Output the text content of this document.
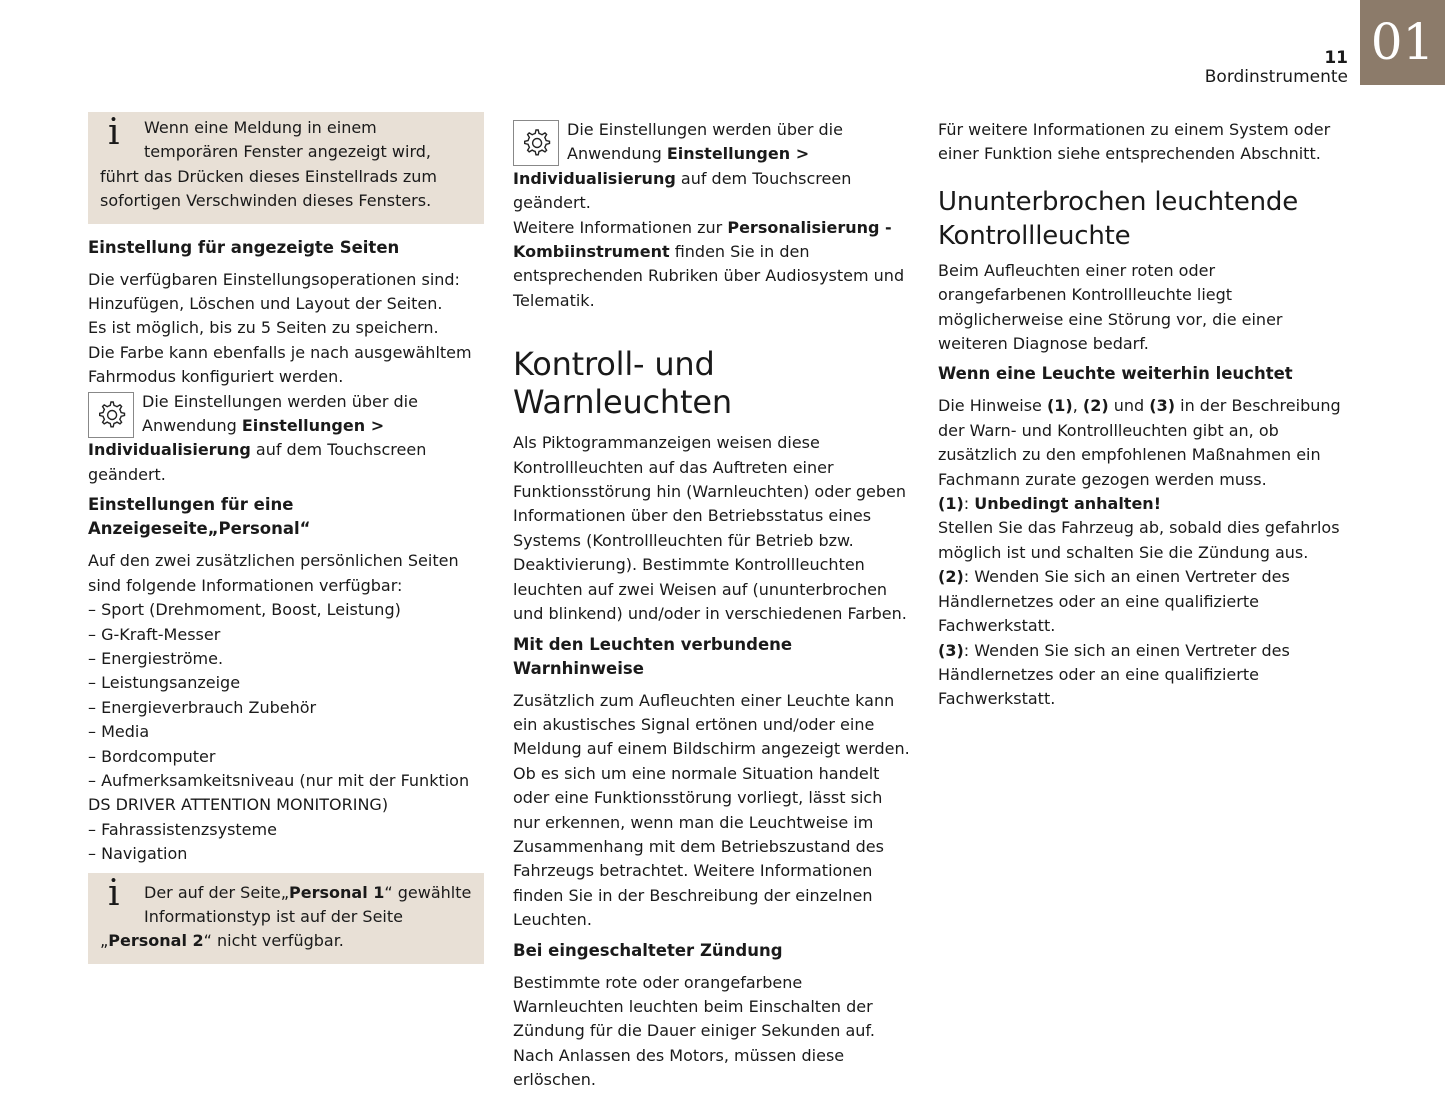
11
Bordinstrumente
01
i	Wenn eine Meldung in einem temporären Fenster angezeigt wird, führt das Drücken dieses Einstellrads zum sofortigen Verschwinden dieses Fensters.

Einstellung für angezeigte Seiten

Die verfügbaren Einstellungsoperationen sind:

Hinzufügen, Löschen und Layout der Seiten.

Es ist möglich, bis zu 5 Seiten zu speichern.

Die Farbe kann ebenfalls je nach ausgewähltem Fahrmodus konfiguriert werden.

Die Einstellungen werden über die Anwendung Einstellungen > Individualisierung auf dem Touchscreen geändert.
Einstellungen für eine Anzeigeseite„Personal“

Auf den zwei zusätzlichen persönlichen Seiten sind folgende Informationen verfügbar:

– Sport (Drehmoment, Boost, Leistung)
– G-Kraft-Messer
– Energieströme.
– Leistungsanzeige
– Energieverbrauch Zubehör
– Media
– Bordcomputer
– Aufmerksamkeitsniveau (nur mit der Funktion DS DRIVER ATTENTION MONITORING)
– Fahrassistenzsysteme
– Navigation
i	Der auf der Seite„Personal 1“ gewählte Informationstyp ist auf der Seite „Personal 2“ nicht verfügbar.

Die Einstellungen werden über die Anwendung Einstellungen > Individualisierung auf dem Touchscreen geändert.

Weitere Informationen zur Personalisierung - Kombiinstrument finden Sie in den entsprechenden Rubriken über Audiosystem und Telematik.

Kontroll- und Warnleuchten

Als Piktogrammanzeigen weisen diese Kontrollleuchten auf das Auftreten einer Funktionsstörung hin (Warnleuchten) oder geben Informationen über den Betriebsstatus eines Systems (Kontrollleuchten für Betrieb bzw. Deaktivierung). Bestimmte Kontrollleuchten leuchten auf zwei Weisen auf (ununterbrochen und blinkend) und/oder in verschiedenen Farben.

Mit den Leuchten verbundene Warnhinweise

Zusätzlich zum Aufleuchten einer Leuchte kann ein akustisches Signal ertönen und/oder eine Meldung auf einem Bildschirm angezeigt werden.

Ob es sich um eine normale Situation handelt oder eine Funktionsstörung vorliegt, lässt sich nur erkennen, wenn man die Leuchtweise im Zusammenhang mit dem Betriebszustand des Fahrzeugs betrachtet. Weitere Informationen finden Sie in der Beschreibung der einzelnen Leuchten.

Bei eingeschalteter Zündung

Bestimmte rote oder orangefarbene Warnleuchten leuchten beim Einschalten der Zündung für die Dauer einiger Sekunden auf. Nach Anlassen des Motors, müssen diese erlöschen.

Für weitere Informationen zu einem System oder einer Funktion siehe entsprechenden Abschnitt.

Ununterbrochen leuchtende Kontrollleuchte

Beim Aufleuchten einer roten oder orangefarbenen Kontrollleuchte liegt möglicherweise eine Störung vor, die einer weiteren Diagnose bedarf.

Wenn eine Leuchte weiterhin leuchtet

Die Hinweise (1), (2) und (3) in der Beschreibung der Warn- und Kontrollleuchten gibt an, ob zusätzlich zu den empfohlenen Maßnahmen ein Fachmann zurate gezogen werden muss.

(1): Unbedingt anhalten!

Stellen Sie das Fahrzeug ab, sobald dies gefahrlos möglich ist und schalten Sie die Zündung aus.

(2): Wenden Sie sich an einen Vertreter des Händlernetzes oder an eine qualifizierte Fachwerkstatt.

(3): Wenden Sie sich an einen Vertreter des Händlernetzes oder an eine qualifizierte Fachwerkstatt.
